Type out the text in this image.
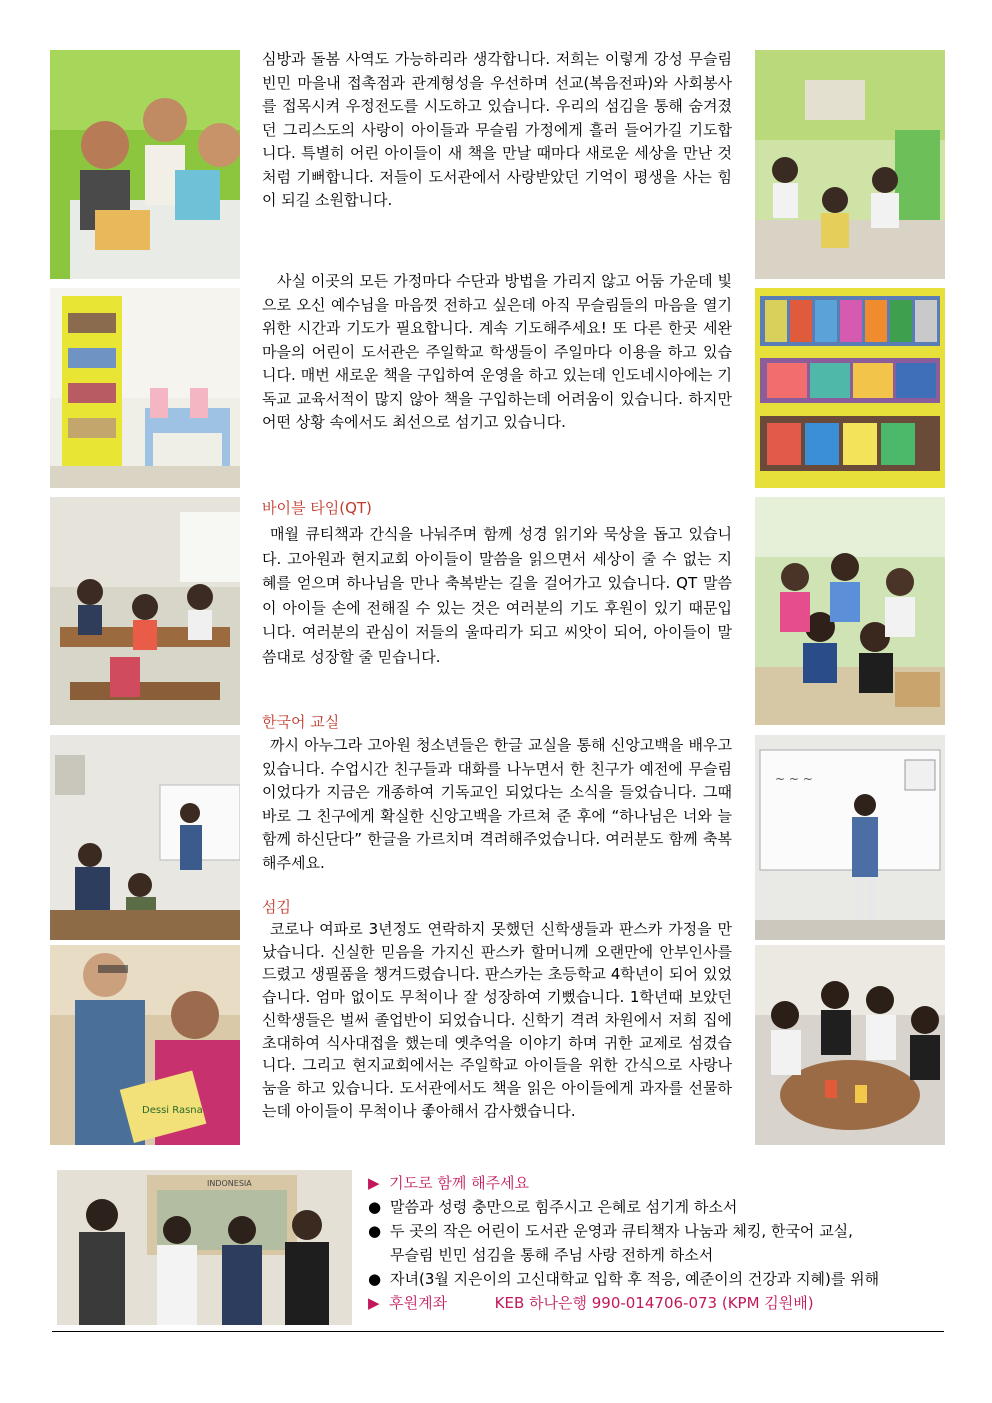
Dessi Rasna
~ ~ ~
INDONESIA

심방과 돌봄 사역도 가능하리라 생각합니다. 저희는 이렇게 강성 무슬림 빈민 마을내 접촉점과 관계형성을 우선하며 선교(복음전파)와 사회봉사를 접목시켜 우정전도를 시도하고 있습니다. 우리의 섬김을 통해 숨겨졌던 그리스도의 사랑이 아이들과 무슬림 가정에게 흘러 들어가길 기도합니다. 특별히 어린 아이들이 새 책을 만날 때마다 새로운 세상을 만난 것처럼 기뻐합니다. 저들이 도서관에서 사랑받았던 기억이 평생을 사는 힘이 되길 소원합니다.

사실 이곳의 모든 가정마다 수단과 방법을 가리지 않고 어둠 가운데 빛으로 오신 예수님을 마음껏 전하고 싶은데 아직 무슬림들의 마음을 열기 위한 시간과 기도가 필요합니다. 계속 기도해주세요! 또 다른 한곳 세완마을의 어린이 도서관은 주일학교 학생들이 주일마다 이용을 하고 있습니다. 매번 새로운 책을 구입하여 운영을 하고 있는데 인도네시아에는 기독교 교육서적이 많지 않아 책을 구입하는데 어려움이 있습니다. 하지만 어떤 상황 속에서도 최선으로 섬기고 있습니다.

바이블 타임(QT)

매월 큐티책과 간식을 나눠주며 함께 성경 읽기와 묵상을 돕고 있습니다. 고아원과 현지교회 아이들이 말씀을 읽으면서 세상이 줄 수 없는 지혜를 얻으며 하나님을 만나 축복받는 길을 걸어가고 있습니다. QT 말씀이 아이들 손에 전해질 수 있는 것은 여러분의 기도 후원이 있기 때문입니다. 여러분의 관심이 저들의 울따리가 되고 씨앗이 되어, 아이들이 말씀대로 성장할 줄 믿습니다.

한국어 교실

까시 아누그라 고아원 청소년들은 한글 교실을 통해 신앙고백을 배우고 있습니다. 수업시간 친구들과 대화를 나누면서 한 친구가 예전에 무슬림이었다가 지금은 개종하여 기독교인 되었다는 소식을 들었습니다. 그때 바로 그 친구에게 확실한 신앙고백을 가르쳐 준 후에 “하나님은 너와 늘 함께 하신단다” 한글을 가르치며 격려해주었습니다. 여러분도 함께 축복해주세요.

섬김

코로나 여파로 3년정도 연락하지 못했던 신학생들과 판스카 가정을 만났습니다. 신실한 믿음을 가지신 판스카 할머니께 오랜만에 안부인사를 드렸고 생필품을 챙겨드렸습니다. 판스카는 초등학교 4학년이 되어 있었습니다. 엄마 없이도 무척이나 잘 성장하여 기뻤습니다. 1학년때 보았던 신학생들은 벌써 졸업반이 되었습니다. 신학기 격려 차원에서 저희 집에 초대하여 식사대접을 했는데 옛추억을 이야기 하며 귀한 교제로 섬겼습니다. 그리고 현지교회에서는 주일학교 아이들을 위한 간식으로 사랑나눔을 하고 있습니다. 도서관에서도 책을 읽은 아이들에게 과자를 선물하는데 아이들이 무척이나 좋아해서 감사했습니다.

▶ 기도로 함께 해주세요
● 말씀과 성령 충만으로 힘주시고 은혜로 섬기게 하소서
● 두 곳의 작은 어린이 도서관 운영과 큐티책자 나눔과 체킹, 한국어 교실,
무슬림 빈민 섬김을 통해 주님 사랑 전하게 하소서
● 자녀(3월 지은이의 고신대학교 입학 후 적응, 예준이의 건강과 지혜)를 위해
▶ 후원계좌	KEB 하나은행 990-014706-073 (KPM 김원배)
